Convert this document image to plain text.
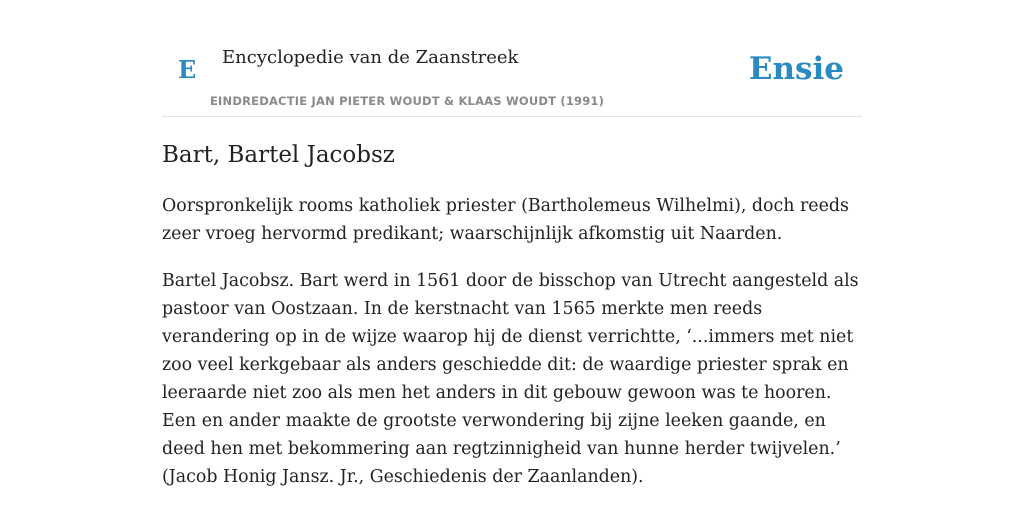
E Encyclopedie van de Zaanstreek
EINDREDACTIE JAN PIETER WOUDT & KLAAS WOUDT (1991)
Ensie
Bart, Bartel Jacobsz

Oorspronkelijk rooms katholiek priester (Bartholemeus Wilhelmi), doch reeds zeer vroeg hervormd predikant; waarschijnlijk afkomstig uit Naarden.

Bartel Jacobsz. Bart werd in 1561 door de bisschop van Utrecht aangesteld als pastoor van Oostzaan. In de kerstnacht van 1565 merkte men reeds verandering op in de wijze waarop hij de dienst verrichtte, ‘...immers met niet zoo veel kerkgebaar als anders geschiedde dit: de waardige priester sprak en leeraarde niet zoo als men het anders in dit gebouw gewoon was te hooren. Een en ander maakte de grootste verwondering bij zijne leeken gaande, en deed hen met bekommering aan regtzinnigheid van hunne herder twijvelen.’ (Jacob Honig Jansz. Jr., Geschiedenis der Zaanlanden).
